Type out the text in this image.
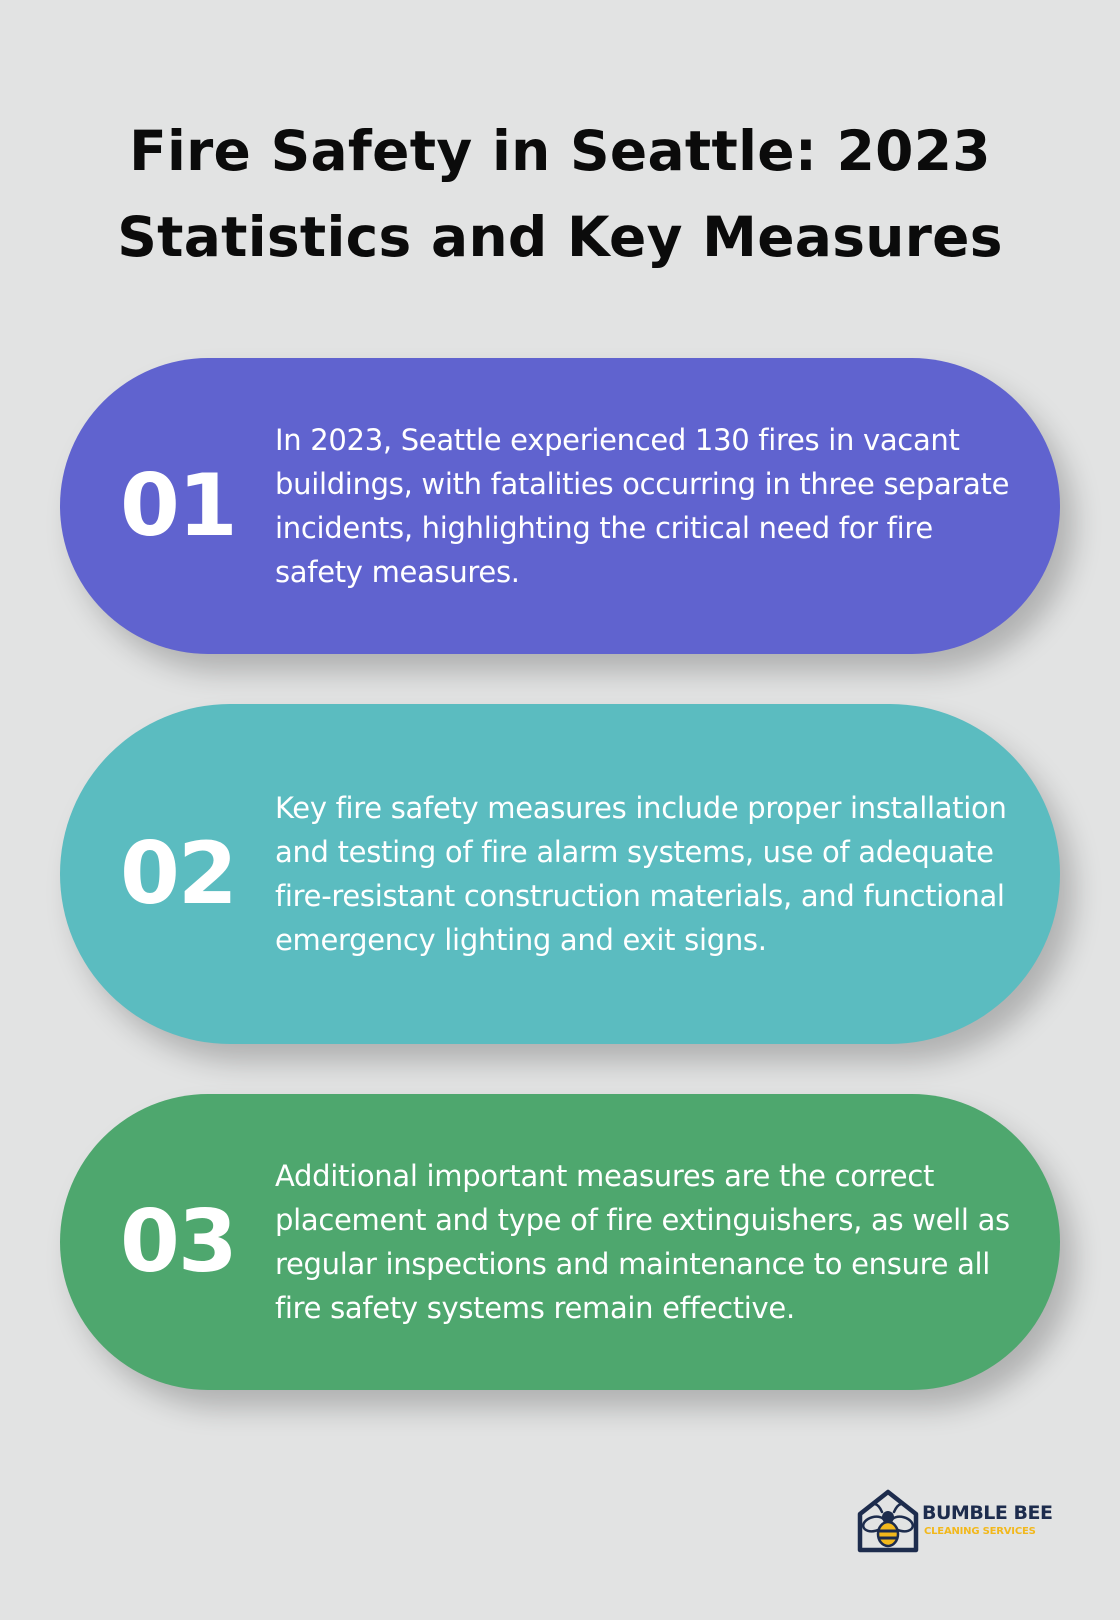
Fire Safety in Seattle: 2023 Statistics and Key Measures
01

In 2023, Seattle experienced 130 fires in vacant buildings, with fatalities occurring in three separate incidents, highlighting the critical need for fire safety measures.

02

Key fire safety measures include proper installation and testing of fire alarm systems, use of adequate fire-resistant construction materials, and functional emergency lighting and exit signs.

03

Additional important measures are the correct placement and type of fire extinguishers, as well as regular inspections and maintenance to ensure all fire safety systems remain effective.

BUMBLE BEE
CLEANING SERVICES
